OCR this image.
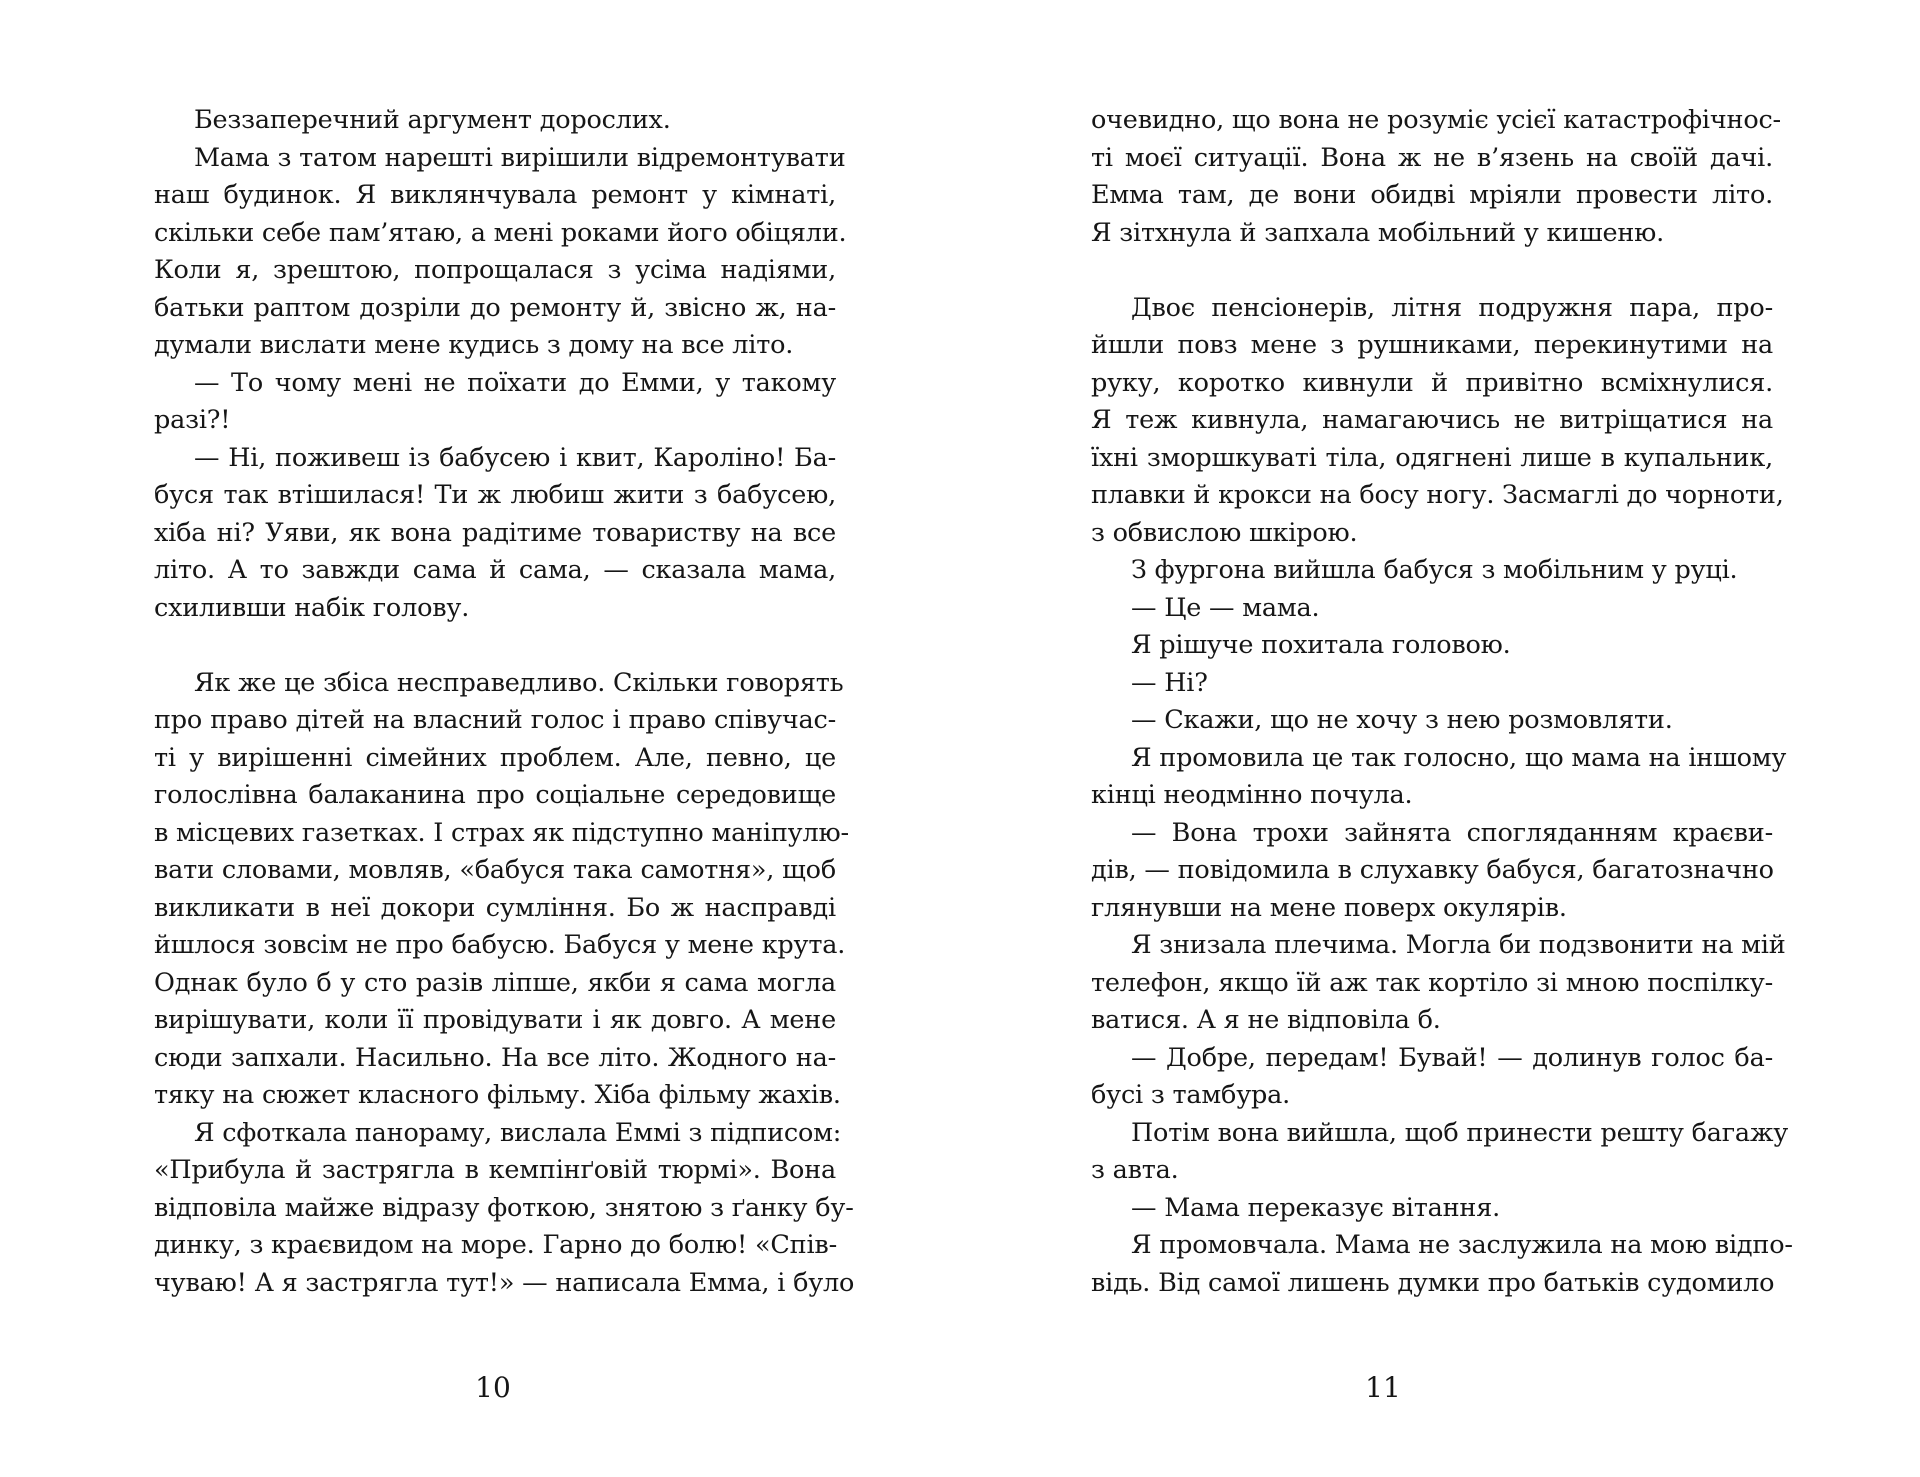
Беззаперечний аргумент дорослих.
Мама з татом нарешті вирішили відремонтувати
наш будинок. Я виклянчувала ремонт у кімнаті,
скільки себе пам’ятаю, а мені роками його обіцяли.
Коли я, зрештою, попрощалася з усіма надіями,
батьки раптом дозріли до ремонту й, звісно ж, на-
думали вислати мене кудись з дому на все літо.
— То чому мені не поїхати до Емми, у такому
разі?!
— Ні, поживеш із бабусею і квит, Кароліно! Ба-
буся так втішилася! Ти ж любиш жити з бабусею,
хіба ні? Уяви, як вона радітиме товариству на все
літо. А то завжди сама й сама, — сказала мама,
схиливши набік голову.
Як же це збіса несправедливо. Скільки говорять
про право дітей на власний голос і право співучас-
ті у вирішенні сімейних проблем. Але, певно, це
голослівна балаканина про соціальне середовище
в місцевих газетках. І страх як підступно маніпулю-
вати словами, мовляв, «бабуся така самотня», щоб
викликати в неї докори сумління. Бо ж насправді
йшлося зовсім не про бабусю. Бабуся у мене крута.
Однак було б у сто разів ліпше, якби я сама могла
вирішувати, коли її провідувати і як довго. А мене
сюди запхали. Насильно. На все літо. Жодного на-
тяку на сюжет класного фільму. Хіба фільму жахів.
Я сфоткала панораму, вислала Еммі з підписом:
«Прибула й застрягла в кемпінґовій тюрмі». Вона
відповіла майже відразу фоткою, знятою з ґанку бу-
динку, з краєвидом на море. Гарно до болю! «Спів-
чуваю! А я застрягла тут!» — написала Емма, і було
10
очевидно, що вона не розуміє усієї катастрофічнос-
ті моєї ситуації. Вона ж не в’язень на своїй дачі.
Емма там, де вони обидві мріяли провести літо.
Я зітхнула й запхала мобільний у кишеню.
Двоє пенсіонерів, літня подружня пара, про-
йшли повз мене з рушниками, перекинутими на
руку, коротко кивнули й привітно всміхнулися.
Я теж кивнула, намагаючись не витріщатися на
їхні зморшкуваті тіла, одягнені лише в купальник,
плавки й крокси на босу ногу. Засмаглі до чорноти,
з обвислою шкірою.
З фургона вийшла бабуся з мобільним у руці.
— Це — мама.
Я рішуче похитала головою.
— Ні?
— Скажи, що не хочу з нею розмовляти.
Я промовила це так голосно, що мама на іншому
кінці неодмінно почула.
— Вона трохи зайнята спогляданням краєви-
дів, — повідомила в слухавку бабуся, багатозначно
глянувши на мене поверх окулярів.
Я знизала плечима. Могла би подзвонити на мій
телефон, якщо їй аж так кортіло зі мною поспілку-
ватися. А я не відповіла б.
— Добре, передам! Бувай! — долинув голос ба-
бусі з тамбура.
Потім вона вийшла, щоб принести решту багажу
з авта.
— Мама переказує вітання.
Я промовчала. Мама не заслужила на мою відпо-
відь. Від самої лишень думки про батьків судомило
11
